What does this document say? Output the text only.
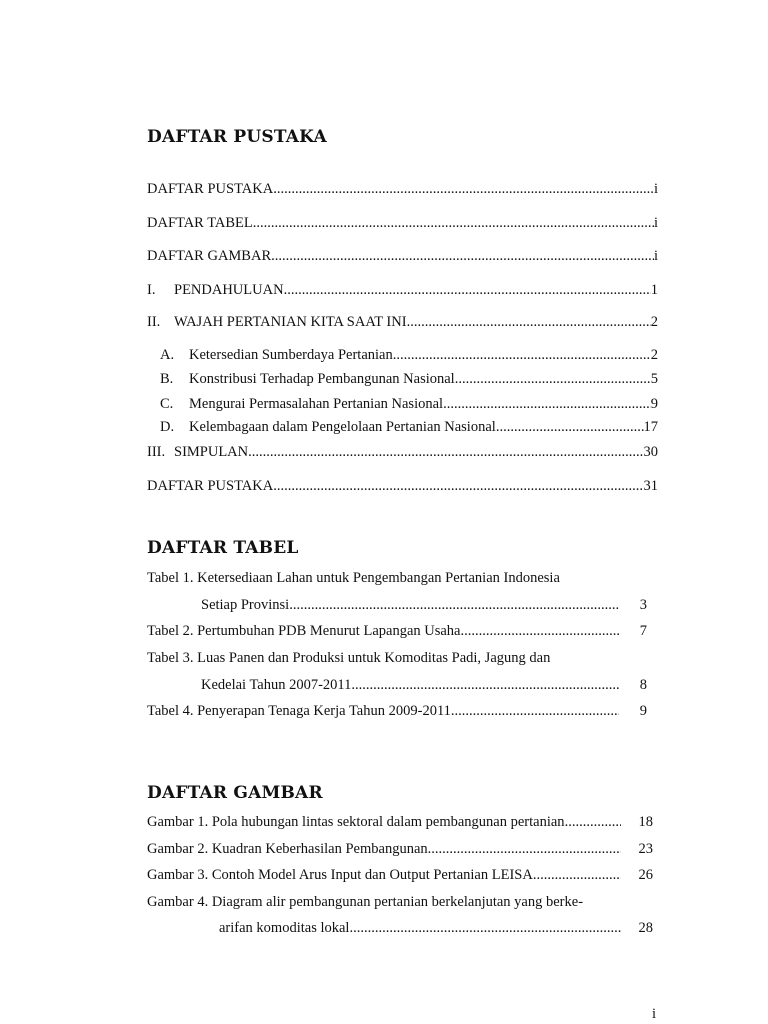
DAFTAR PUSTAKA
DAFTAR PUSTAKA .....	i
DAFTAR TABEL .....	i
DAFTAR GAMBAR .....	i
I.	PENDAHULUAN .....	1
II. WAJAH PERTANIAN KITA SAAT INI .....	2
A.	Ketersedian Sumberdaya Pertanian .....	2
B.	Konstribusi Terhadap Pembangunan Nasional .....	5
C.	Mengurai Permasalahan Pertanian Nasional .....	9
D.	Kelembagaan dalam Pengelolaan Pertanian Nasional .....	17
III. SIMPULAN .....	30
DAFTAR PUSTAKA .....	31
DAFTAR TABEL
Tabel 1. Ketersediaan Lahan untuk Pengembangan Pertanian Indonesia
Setiap Provinsi .....	3
Tabel 2. Pertumbuhan PDB Menurut Lapangan Usaha .....	7
Tabel 3. Luas Panen dan Produksi untuk Komoditas Padi, Jagung dan
Kedelai Tahun 2007-2011 .....	8
Tabel 4. Penyerapan Tenaga Kerja Tahun 2009-2011 .....	9
DAFTAR GAMBAR
Gambar 1. Pola hubungan lintas sektoral dalam pembangunan pertanian .....	18
Gambar 2. Kuadran Keberhasilan Pembangunan .....	23
Gambar 3. Contoh Model Arus Input dan Output Pertanian LEISA .....	26
Gambar 4. Diagram alir pembangunan pertanian berkelanjutan yang berke-
arifan komoditas lokal .....	28
i
